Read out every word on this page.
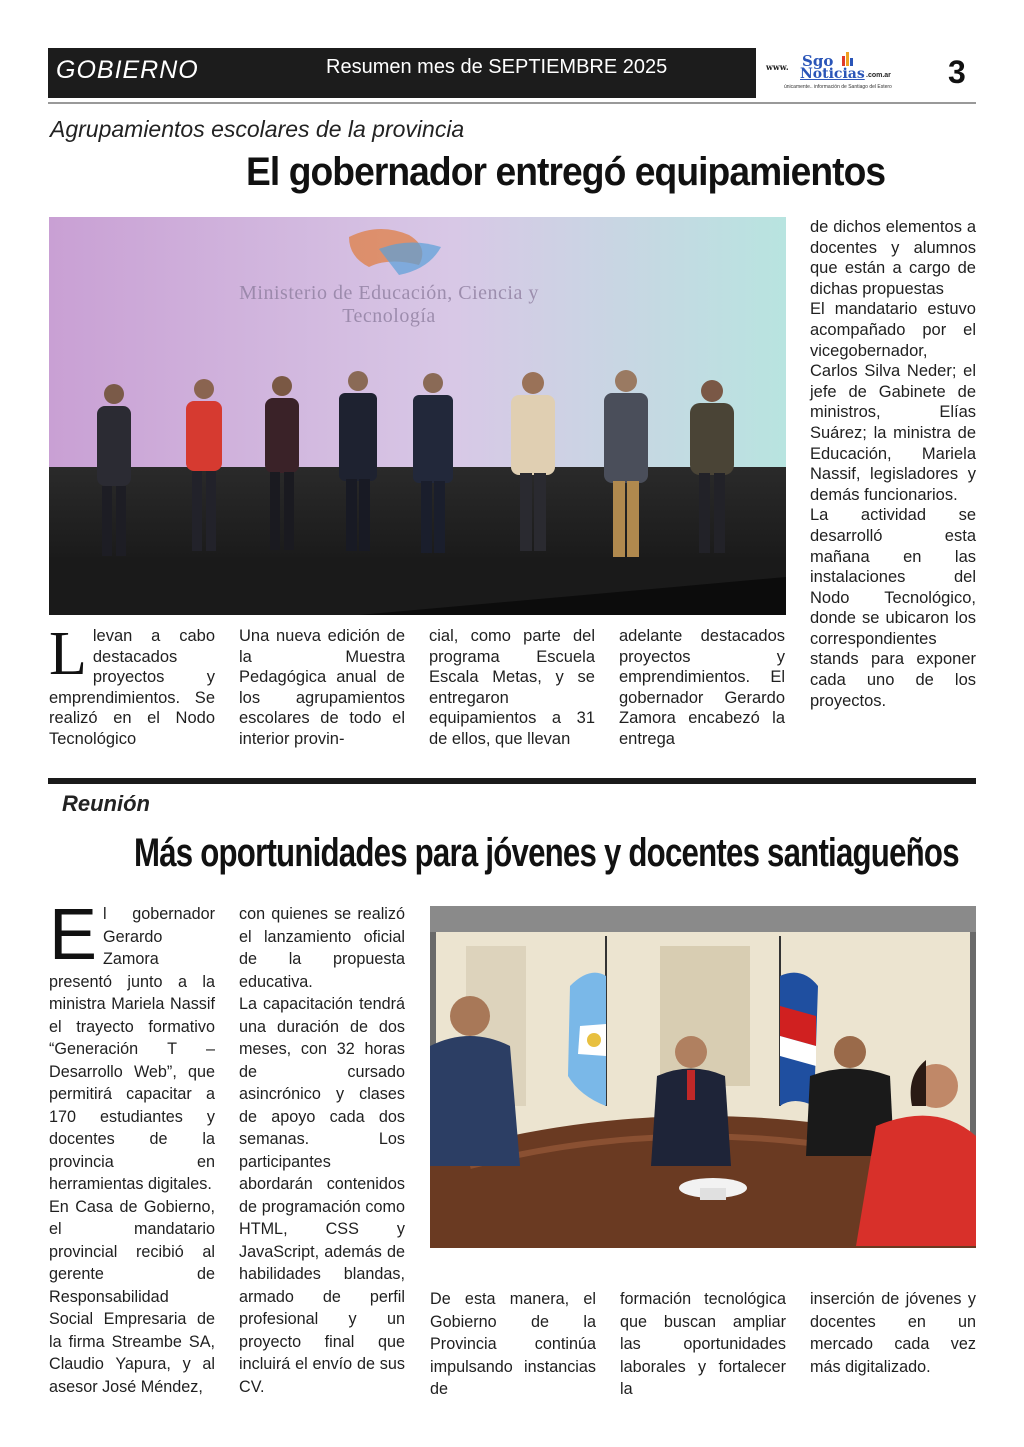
GOBIERNO	Resumen mes de SEPTIEMBRE 2025	www. Sgo
Noticias .com.ar
únicamente.. información de Santiago del Estero	3
Agrupamientos escolares de la provincia
El gobernador entregó equipamientos
Ministerio de Educación, Ciencia y Tecnología
Llevan a cabo destacados proyectos y emprendimientos. Se realizó en el Nodo Tecnológico
Una nueva edición de la Muestra Pedagógica anual de los agrupamientos escolares de todo el interior provin-
cial, como parte del programa Escuela Escala Metas, y se entregaron equipamientos a 31 de ellos, que llevan
adelante destacados proyectos y emprendimientos. El gobernador Gerardo Zamora encabezó la entrega

de dichos elementos a docentes y alumnos que están a cargo de dichas propuestas

El mandatario estuvo acompañado por el vicegobernador, Carlos Silva Neder; el jefe de Gabinete de ministros, Elías Suárez; la ministra de Educación, Mariela Nassif, legisladores y demás funcionarios.

La actividad se desarrolló esta mañana en las instalaciones del Nodo Tecnológico, donde se ubicaron los correspondientes stands para exponer cada uno de los proyectos.

Reunión
Más oportunidades para jóvenes y docentes santiagueños

El gobernador Gerardo Zamora presentó junto a la ministra Mariela Nassif el trayecto formativo “Generación T – Desarrollo Web”, que permitirá capacitar a 170 estudiantes y docentes de la provincia en herramientas digitales.

En Casa de Gobierno, el mandatario provincial recibió al gerente de Responsabilidad Social Empresaria de la firma Streambe SA, Claudio Yapura, y al asesor José Méndez,

con quienes se realizó el lanzamiento oficial de la propuesta educativa.

La capacitación tendrá una duración de dos meses, con 32 horas de cursado asincrónico y clases de apoyo cada dos semanas. Los participantes abordarán contenidos de programación como HTML, CSS y JavaScript, además de habilidades blandas, armado de perfil profesional y un proyecto final que incluirá el envío de sus CV.

De esta manera, el Gobierno de la Provincia continúa impulsando instancias de
formación tecnológica que buscan ampliar las oportunidades laborales y fortalecer la
inserción de jóvenes y docentes en un mercado cada vez más digitalizado.
